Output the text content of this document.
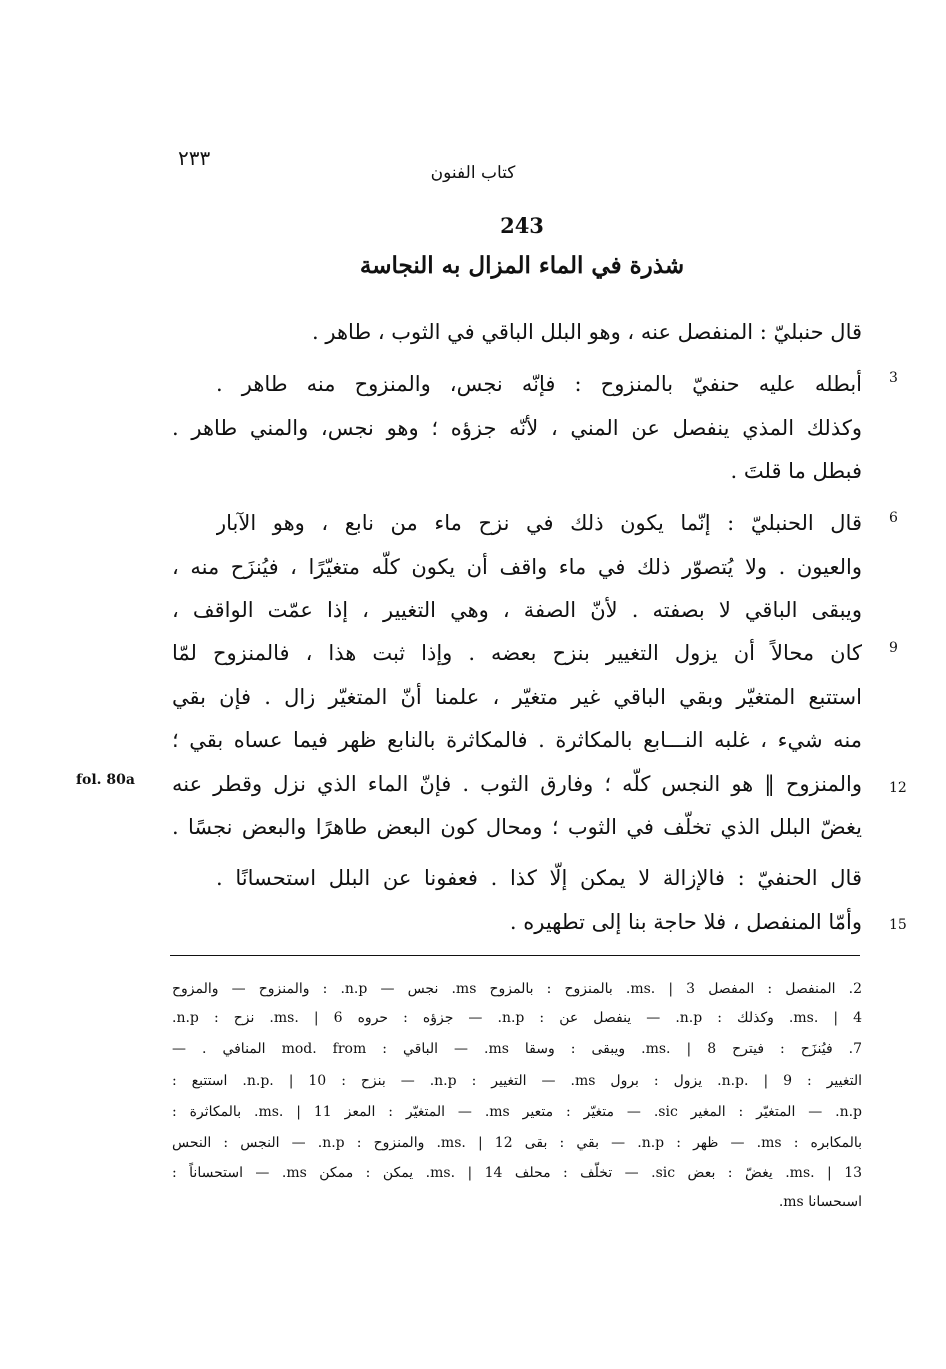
٢٣٣
كتاب الفنون
243
شذرة في الماء المزال به النجاسة
قال حنبليّ : المنفصل عنه ، وهو البلل الباقي في الثوب ، طاهر .
أبطله عليه حنفيّ بالمنزوح : فإنّه نجس، والمنزوح منه طاهر .
وكذلك المذي ينفصل عن المني ، لأنّه جزؤه ؛ وهو نجس، والمني طاهر .
فبطل ما قلتَ .
قال الحنبليّ : إنّما يكون ذلك في نزح ماء من نابع ، وهو الآبار
والعيون . ولا يُتصوّر ذلك في ماء واقف أن يكون كلّه متغيّرًا ، فيُنزَح منه ،
ويبقى الباقي لا بصفته . لأنّ الصفة ، وهي التغيير ، إذا عمّت الواقف ،
كان محالاً أن يزول التغيير بنزح بعضه . وإذا ثبت هذا ، فالمنزوح لمّا
استتبع المتغيّر وبقي الباقي غير متغيّر ، علمنا أنّ المتغيّر زال . فإن بقي
منه شيء ، غلبه النـــابع بالمكاثرة . فالمكاثرة بالنابع ظهر فيما عساه بقي ؛
والمنزوح ‖ هو النجس كلّه ؛ وفارق الثوب . فإنّ الماء الذي نزل وقطر عنه
يغضّ البلل الذي تخلّف في الثوب ؛ ومحال كون البعض طاهرًا والبعض نجسًا .
قال الحنفيّ : فالإزالة لا يمكن إلّا كذا . فعفونا عن البلل استحسانًا .
وأمّا المنفصل ، فلا حاجة بنا إلى تطهيره .
3
6
9
12
15
fol. 80a
2. المنفصل : المفصل ms. | 3. بالمنزوح : بالمزوح ms. نجس — n.p. : والمنزوح — والمزوح
ms. | 4. وكذلك : n.p. — ينفصل عن : n.p. — جزؤه : حروه ms. | 6. نزح : n.p.
7. فيُنزَح : فيترح ms. | 8. ويبقى : وسقا ms. — الباقي : mod. from المنافي . —
التغيير : n.p. | 9. يزول : برول ms. — التغيير : n.p. — بنزح : n.p. | 10. استتبع :
n.p. — المتغيّر : المغير sic. — متغيّر : متعير ms. — المتغيّر : المعز ms. | 11. بالمكاثرة :
بالمكابره : ms. — ظهر : n.p. — بقي : بقى ms. | 12. والمنزوح : n.p. — النجس : النحس
ms. | 13. يغضّ : بعض sic. — تخلّف : محلف ms. | 14. يمكن : ممكن ms. — استحساناً :
اسىحسانا ms.
